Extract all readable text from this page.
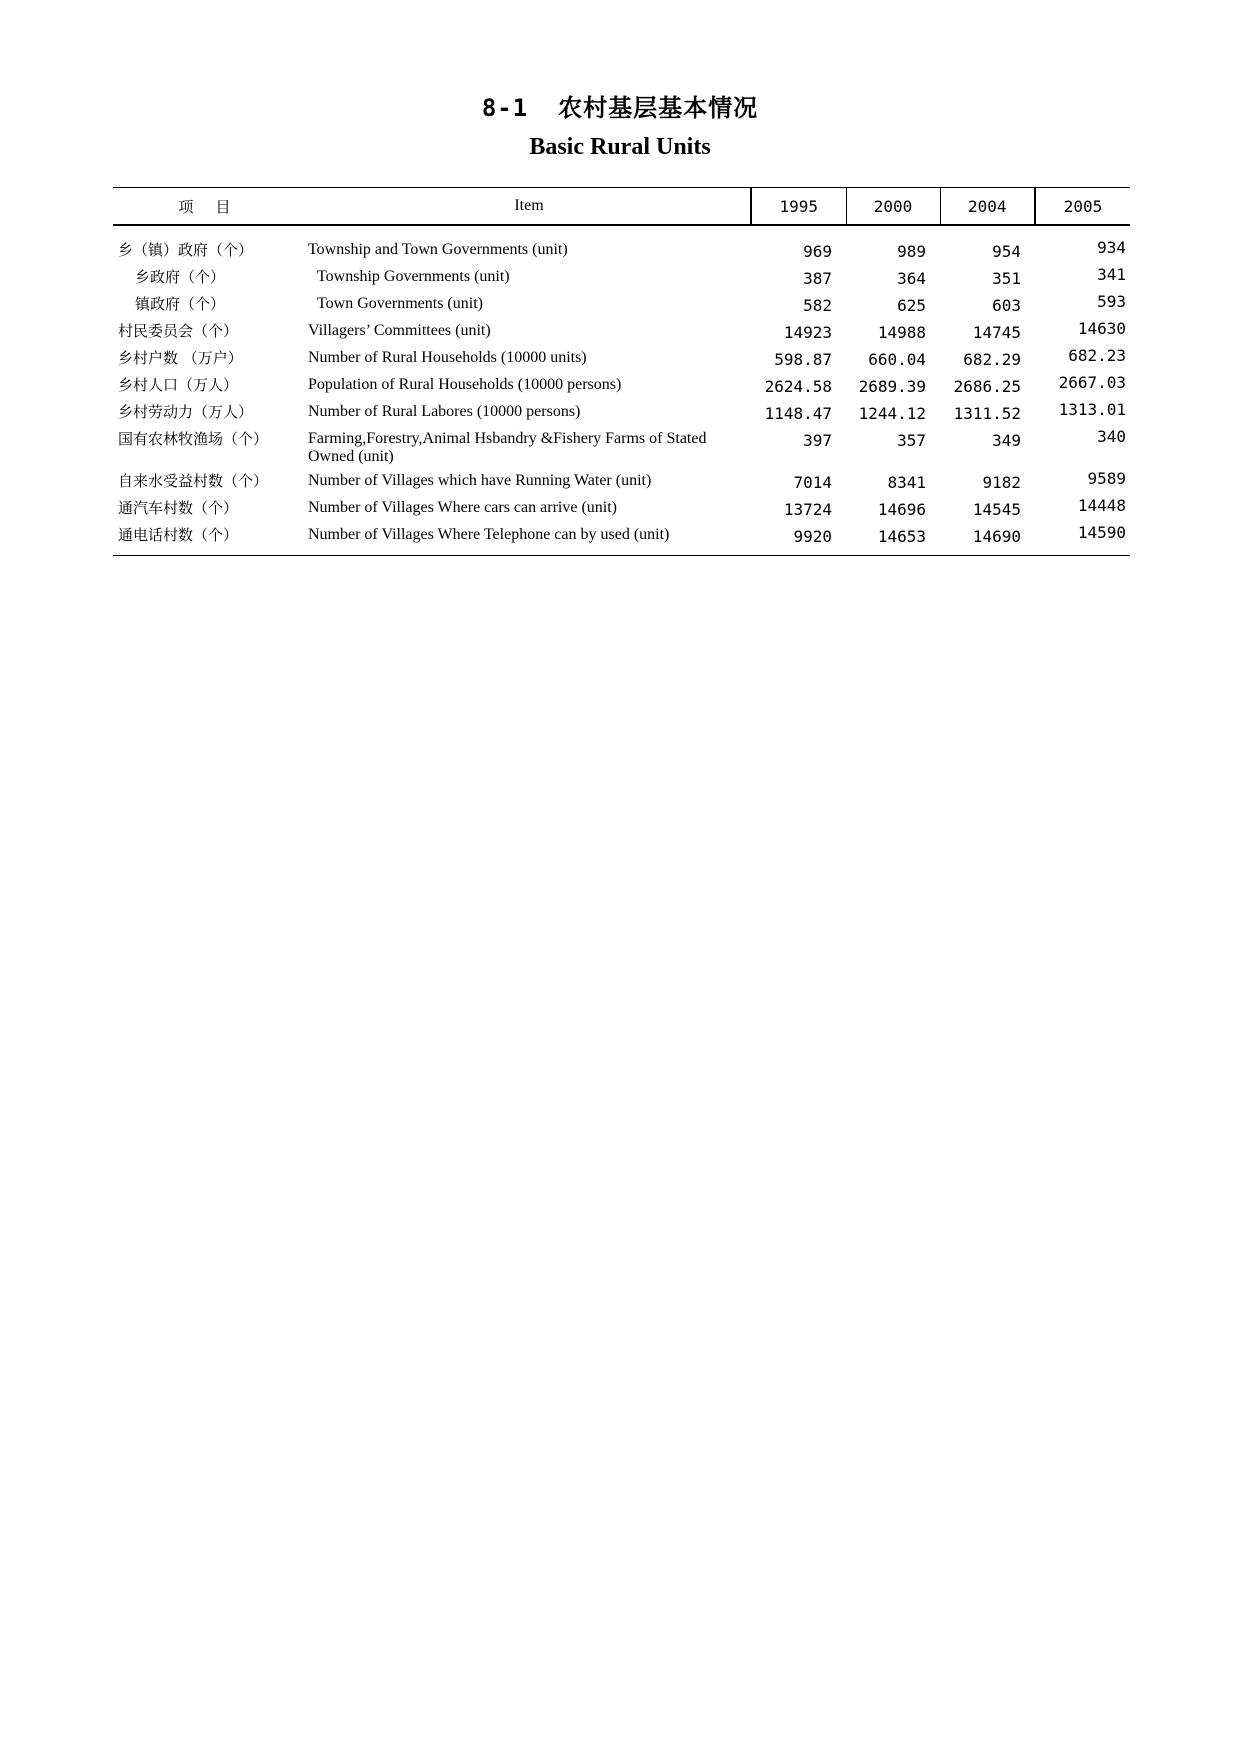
8-1 农村基层基本情况
Basic Rural Units
项目	Item	1995	2000	2004	2005

乡（镇）政府（个）	Township and Town Governments (unit)	969	989	954	934
乡政府（个）	Township Governments (unit)	387	364	351	341
镇政府（个）	Town Governments (unit)	582	625	603	593
村民委员会（个）	Villagers’ Committees (unit)	14923	14988	14745	14630
乡村户数 （万户）	Number of Rural Households (10000 units)	598.87	660.04	682.29	682.23
乡村人口（万人）	Population of Rural Households (10000 persons)	2624.58	2689.39	2686.25	2667.03
乡村劳动力（万人）	Number of Rural Labores (10000 persons)	1148.47	1244.12	1311.52	1313.01
国有农林牧渔场（个）	Farming,Forestry,Animal Hsbandry &Fishery Farms of Stated Owned (unit)	397	357	349	340
自来水受益村数（个）	Number of Villages which have Running Water (unit)	7014	8341	9182	9589
通汽车村数（个）	Number of Villages Where cars can arrive (unit)	13724	14696	14545	14448
通电话村数（个）	Number of Villages Where Telephone can by used (unit)	9920	14653	14690	14590
